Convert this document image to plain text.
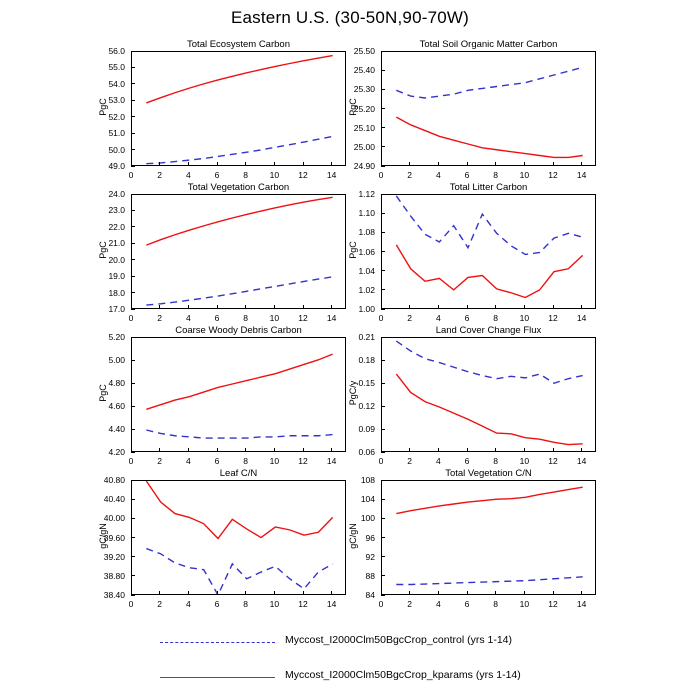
Eastern U.S. (30-50N,90-70W)
Total Ecosystem Carbon
49.0
50.0
51.0
52.0
53.0
54.0
55.0
56.0
PgC
0	2	4	6	8	10	12	14
Total Soil Organic Matter Carbon
24.90
25.00
25.10
25.20
25.30
25.40
25.50
PgC
0	2	4	6	8	10	12	14
Total Vegetation Carbon
17.0
18.0
19.0
20.0
21.0
22.0
23.0
24.0
PgC
0	2	4	6	8	10	12	14
Total Litter Carbon
1.00
1.02
1.04
1.06
1.08
1.10
1.12
PgC
0	2	4	6	8	10	12	14
Coarse Woody Debris Carbon
4.20
4.40
4.60
4.80
5.00
5.20
PgC
0	2	4	6	8	10	12	14
Land Cover Change Flux
0.06
0.09
0.12
0.15
0.18
0.21
PgC/y
0	2	4	6	8	10	12	14
Leaf C/N
38.40
38.80
39.20
39.60
40.00
40.40
40.80
gC/gN
0	2	4	6	8	10	12	14
Total Vegetation C/N
84
88
92
96
100
104
108
gC/gN
0	2	4	6	8	10	12	14
Myccost_I2000Clm50BgcCrop_control (yrs 1-14)
Myccost_I2000Clm50BgcCrop_kparams (yrs 1-14)
